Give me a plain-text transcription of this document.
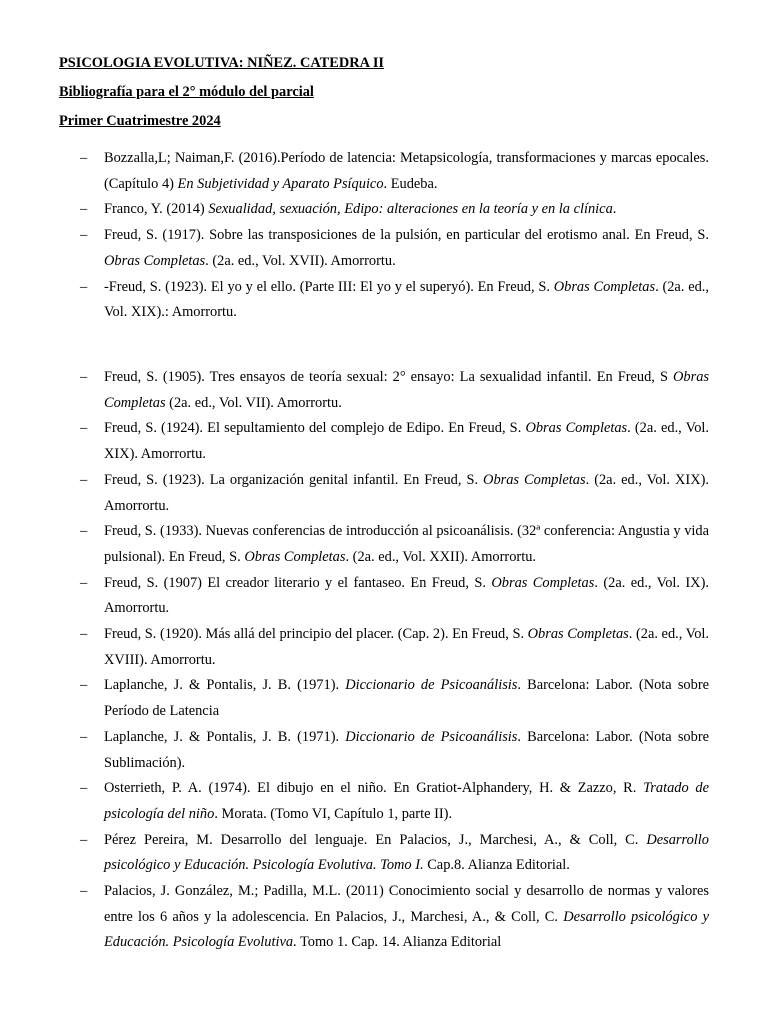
PSICOLOGIA EVOLUTIVA: NIÑEZ. CATEDRA II
Bibliografía para el 2° módulo del parcial
Primer Cuatrimestre 2024
– Bozzalla,L; Naiman,F. (2016).Período de latencia: Metapsicología, transformaciones y marcas epocales. (Capítulo 4) En Subjetividad y Aparato Psíquico. Eudeba.
– Franco, Y. (2014) Sexualidad, sexuación, Edipo: alteraciones en la teoría y en la clínica.
– Freud, S. (1917). Sobre las transposiciones de la pulsión, en particular del erotismo anal. En Freud, S. Obras Completas. (2a. ed., Vol. XVII). Amorrortu.
– -Freud, S. (1923). El yo y el ello. (Parte III: El yo y el superyó). En Freud, S. Obras Completas. (2a. ed., Vol. XIX).: Amorrortu.
– Freud, S. (1905). Tres ensayos de teoría sexual: 2° ensayo: La sexualidad infantil. En Freud, S Obras Completas (2a. ed., Vol. VII). Amorrortu.
– Freud, S. (1924). El sepultamiento del complejo de Edipo. En Freud, S. Obras Completas. (2a. ed., Vol. XIX). Amorrortu.
– Freud, S. (1923). La organización genital infantil. En Freud, S. Obras Completas. (2a. ed., Vol. XIX). Amorrortu.
– Freud, S. (1933). Nuevas conferencias de introducción al psicoanálisis. (32ª conferencia: Angustia y vida pulsional). En Freud, S. Obras Completas. (2a. ed., Vol. XXII). Amorrortu.
– Freud, S. (1907) El creador literario y el fantaseo. En Freud, S. Obras Completas. (2a. ed., Vol. IX). Amorrortu.
– Freud, S. (1920). Más allá del principio del placer. (Cap. 2). En Freud, S. Obras Completas. (2a. ed., Vol. XVIII). Amorrortu.
– Laplanche, J. & Pontalis, J. B. (1971). Diccionario de Psicoanálisis. Barcelona: Labor. (Nota sobre Período de Latencia
– Laplanche, J. & Pontalis, J. B. (1971). Diccionario de Psicoanálisis. Barcelona: Labor. (Nota sobre Sublimación).
– Osterrieth, P. A. (1974). El dibujo en el niño. En Gratiot-Alphandery, H. & Zazzo, R. Tratado de psicología del niño. Morata. (Tomo VI, Capítulo 1, parte II).
– Pérez Pereira, M. Desarrollo del lenguaje. En Palacios, J., Marchesi, A., & Coll, C. Desarrollo psicológico y Educación. Psicología Evolutiva. Tomo I. Cap.8. Alianza Editorial.
– Palacios, J. González, M.; Padilla, M.L. (2011) Conocimiento social y desarrollo de normas y valores entre los 6 años y la adolescencia. En Palacios, J., Marchesi, A., & Coll, C. Desarrollo psicológico y Educación. Psicología Evolutiva. Tomo 1. Cap. 14. Alianza Editorial
